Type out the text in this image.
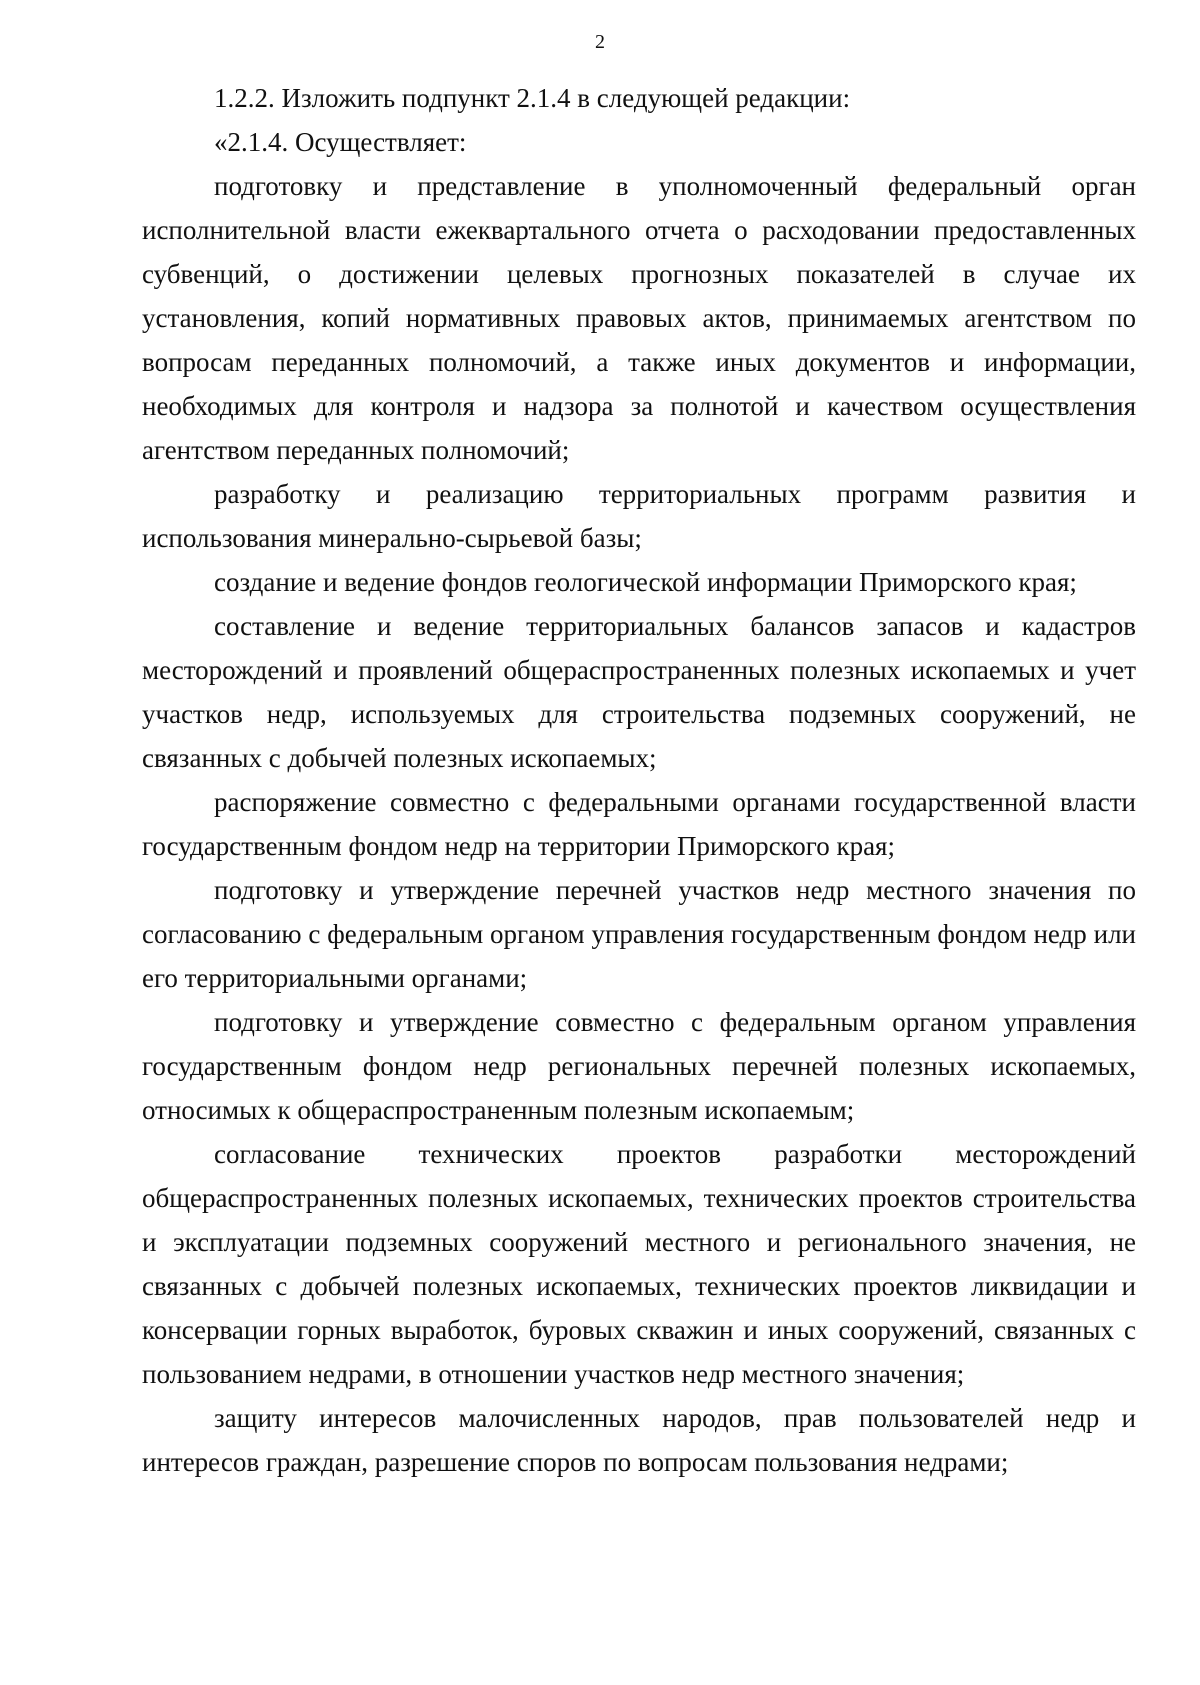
2

1.2.2. Изложить подпункт 2.1.4 в следующей редакции:

«2.1.4. Осуществляет:

подготовку и представление в уполномоченный федеральный орган исполнительной власти ежеквартального отчета о расходовании предоставленных субвенций, о достижении целевых прогнозных показателей в случае их установления, копий нормативных правовых актов, принимаемых агентством по вопросам переданных полномочий, а также иных документов и информации, необходимых для контроля и надзора за полнотой и качеством осуществления агентством переданных полномочий;

разработку и реализацию территориальных программ развития и использования минерально-сырьевой базы;

создание и ведение фондов геологической информации Приморского края;

составление и ведение территориальных балансов запасов и кадастров месторождений и проявлений общераспространенных полезных ископаемых и учет участков недр, используемых для строительства подземных сооружений, не связанных с добычей полезных ископаемых;

распоряжение совместно с федеральными органами государственной власти государственным фондом недр на территории Приморского края;

подготовку и утверждение перечней участков недр местного значения по согласованию с федеральным органом управления государственным фондом недр или его территориальными органами;

подготовку и утверждение совместно с федеральным органом управления государственным фондом недр региональных перечней полезных ископаемых, относимых к общераспространенным полезным ископаемым;

согласование технических проектов разработки месторождений общераспространенных полезных ископаемых, технических проектов строительства и эксплуатации подземных сооружений местного и регионального значения, не связанных с добычей полезных ископаемых, технических проектов ликвидации и консервации горных выработок, буровых скважин и иных сооружений, связанных с пользованием недрами, в отношении участков недр местного значения;

защиту интересов малочисленных народов, прав пользователей недр и интересов граждан, разрешение споров по вопросам пользования недрами;
